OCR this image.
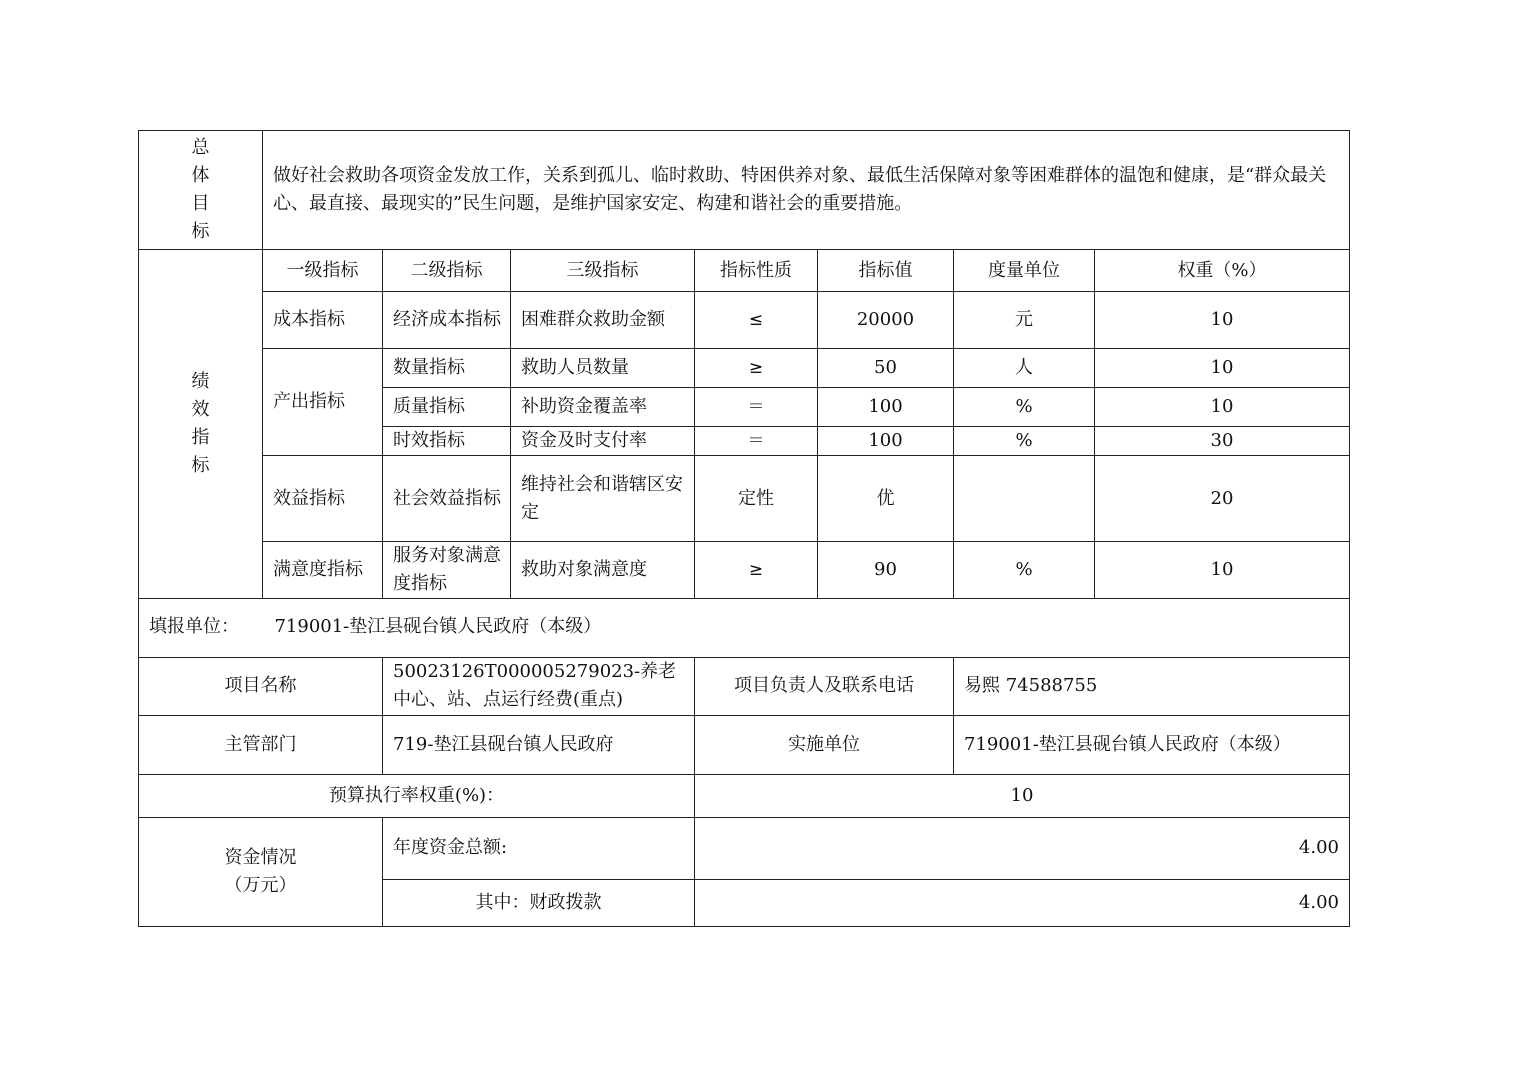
总
体
目
标	做好社会救助各项资金发放工作，关系到孤儿、临时救助、特困供养对象、最低生活保障对象等困难群体的温饱和健康，是“群众最关心、最直接、最现实的”民生问题，是维护国家安定、构建和谐社会的重要措施。						

绩
效
指
标	一级指标	二级指标	三级指标	指标性质	指标值	度量单位	权重（%）
	成本指标	经济成本指标	困难群众救助金额	≤	20000	元	10
	产出指标	数量指标	救助人员数量	≥	50	人	10
		质量指标	补助资金覆盖率	＝	100	%	10
		时效指标	资金及时支付率	＝	100	%	30
	效益指标	社会效益指标	维持社会和谐辖区安定	定性	优		20
	满意度指标	服务对象满意度指标	救助对象满意度	≥	90	%	10
填报单位： 719001-垫江县砚台镇人民政府（本级）			
项目名称	50023126T000005279023-养老中心、站、点运行经费(重点)	项目负责人及联系电话	易熙 74588755
主管部门	719-垫江县砚台镇人民政府	实施单位	719001-垫江县砚台镇人民政府（本级）
预算执行率权重(%)：		10	

资金情况
（万元）	年度资金总额:	4.00	
	其中：财政拨款	4.00	
